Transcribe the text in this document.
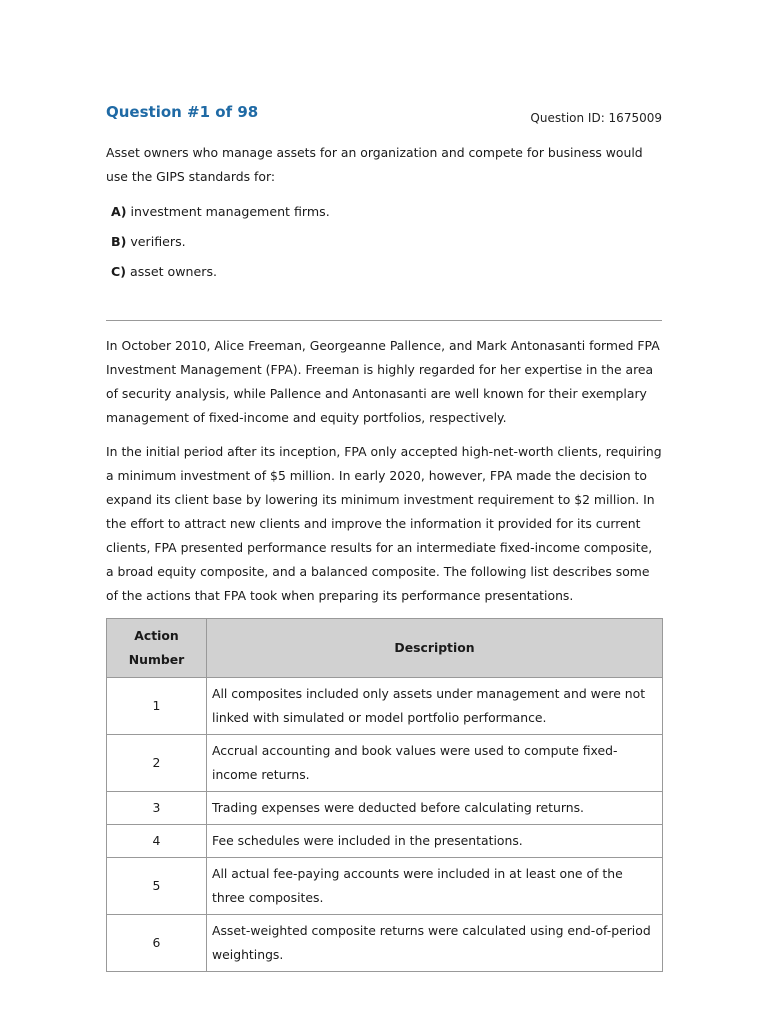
Question #1 of 98	Question ID: 1675009

Asset owners who manage assets for an organization and compete for business would use the GIPS standards for:

A) investment management firms.
B) verifiers.
C) asset owners.

In October 2010, Alice Freeman, Georgeanne Pallence, and Mark Antonasanti formed FPA Investment Management (FPA). Freeman is highly regarded for her expertise in the area of security analysis, while Pallence and Antonasanti are well known for their exemplary management of fixed-income and equity portfolios, respectively.

In the initial period after its inception, FPA only accepted high-net-worth clients, requiring a minimum investment of $5 million. In early 2020, however, FPA made the decision to expand its client base by lowering its minimum investment requirement to $2 million. In the effort to attract new clients and improve the information it provided for its current clients, FPA presented performance results for an intermediate fixed-income composite, a broad equity composite, and a balanced composite. The following list describes some of the actions that FPA took when preparing its performance presentations.

Action Number	Description
1	All composites included only assets under management and were not linked with simulated or model portfolio performance.
2	Accrual accounting and book values were used to compute fixed-income returns.
3	Trading expenses were deducted before calculating returns.
4	Fee schedules were included in the presentations.
5	All actual fee-paying accounts were included in at least one of the three composites.
6	Asset-weighted composite returns were calculated using end-of-period weightings.
